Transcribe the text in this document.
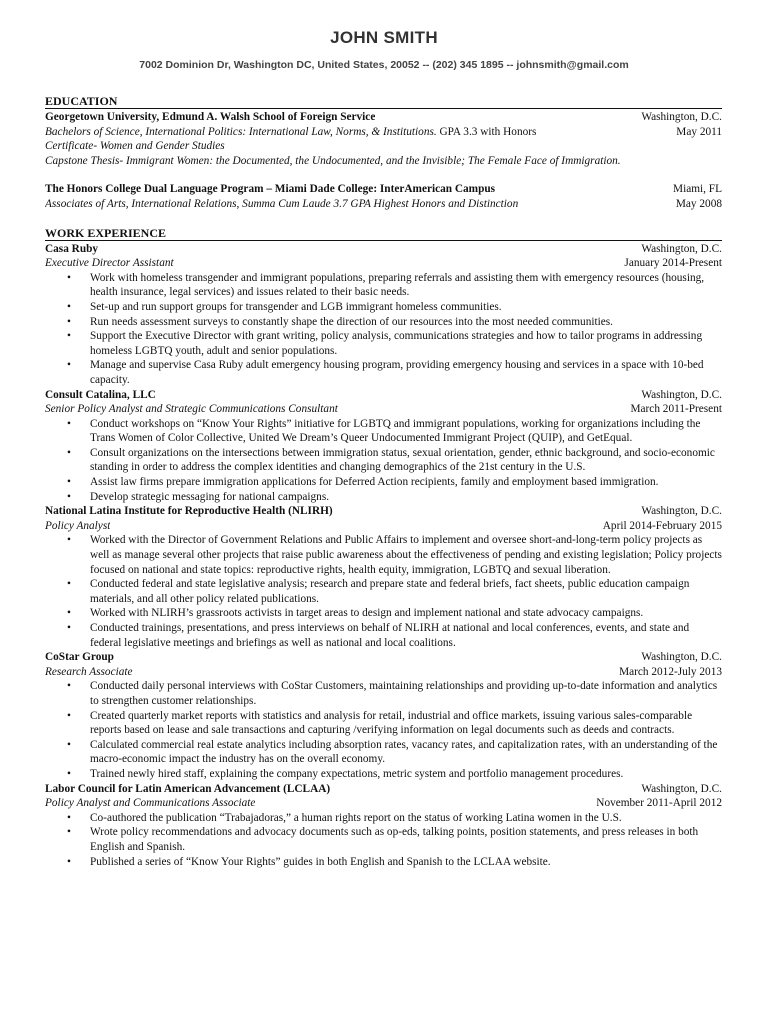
JOHN SMITH
7002 Dominion Dr, Washington DC, United States, 20052 -- (202) 345 1895 -- johnsmith@gmail.com
EDUCATION
Georgetown University, Edmund A. Walsh School of Foreign Service	Washington, D.C.
Bachelors of Science, International Politics: International Law, Norms, & Institutions. GPA 3.3 with Honors	May 2011
Certificate- Women and Gender Studies
Capstone Thesis- Immigrant Women: the Documented, the Undocumented, and the Invisible; The Female Face of Immigration.
The Honors College Dual Language Program – Miami Dade College: InterAmerican Campus	Miami, FL
Associates of Arts, International Relations, Summa Cum Laude 3.7 GPA Highest Honors and Distinction	May 2008
WORK EXPERIENCE
Casa Ruby	Washington, D.C.
Executive Director Assistant	January 2014-Present
• Work with homeless transgender and immigrant populations, preparing referrals and assisting them with emergency resources (housing, health insurance, legal services) and issues related to their basic needs.
• Set-up and run support groups for transgender and LGB immigrant homeless communities.
• Run needs assessment surveys to constantly shape the direction of our resources into the most needed communities.
• Support the Executive Director with grant writing, policy analysis, communications strategies and how to tailor programs in addressing homeless LGBTQ youth, adult and senior populations.
• Manage and supervise Casa Ruby adult emergency housing program, providing emergency housing and services in a space with 10-bed capacity.
Consult Catalina, LLC	Washington, D.C.
Senior Policy Analyst and Strategic Communications Consultant	March 2011-Present
• Conduct workshops on “Know Your Rights” initiative for LGBTQ and immigrant populations, working for organizations including the Trans Women of Color Collective, United We Dream’s Queer Undocumented Immigrant Project (QUIP), and GetEqual.
• Consult organizations on the intersections between immigration status, sexual orientation, gender, ethnic background, and socio-economic standing in order to address the complex identities and changing demographics of the 21st century in the U.S.
• Assist law firms prepare immigration applications for Deferred Action recipients, family and employment based immigration.
• Develop strategic messaging for national campaigns.
National Latina Institute for Reproductive Health (NLIRH)	Washington, D.C.
Policy Analyst	April 2014-February 2015
• Worked with the Director of Government Relations and Public Affairs to implement and oversee short-and-long-term policy projects as well as manage several other projects that raise public awareness about the effectiveness of pending and existing legislation; Policy projects focused on national and state topics: reproductive rights, health equity, immigration, LGBTQ and sexual liberation.
• Conducted federal and state legislative analysis; research and prepare state and federal briefs, fact sheets, public education campaign materials, and all other policy related publications.
• Worked with NLIRH’s grassroots activists in target areas to design and implement national and state advocacy campaigns.
• Conducted trainings, presentations, and press interviews on behalf of NLIRH at national and local conferences, events, and state and federal legislative meetings and briefings as well as national and local coalitions.
CoStar Group	Washington, D.C.
Research Associate	March 2012-July 2013
• Conducted daily personal interviews with CoStar Customers, maintaining relationships and providing up-to-date information and analytics to strengthen customer relationships.
• Created quarterly market reports with statistics and analysis for retail, industrial and office markets, issuing various sales-comparable reports based on lease and sale transactions and capturing /verifying information on legal documents such as deeds and contracts.
• Calculated commercial real estate analytics including absorption rates, vacancy rates, and capitalization rates, with an understanding of the macro-economic impact the industry has on the overall economy.
• Trained newly hired staff, explaining the company expectations, metric system and portfolio management procedures.
Labor Council for Latin American Advancement (LCLAA)	Washington, D.C.
Policy Analyst and Communications Associate	November 2011-April 2012
• Co-authored the publication “Trabajadoras,” a human rights report on the status of working Latina women in the U.S.
• Wrote policy recommendations and advocacy documents such as op-eds, talking points, position statements, and press releases in both English and Spanish.
• Published a series of “Know Your Rights” guides in both English and Spanish to the LCLAA website.
